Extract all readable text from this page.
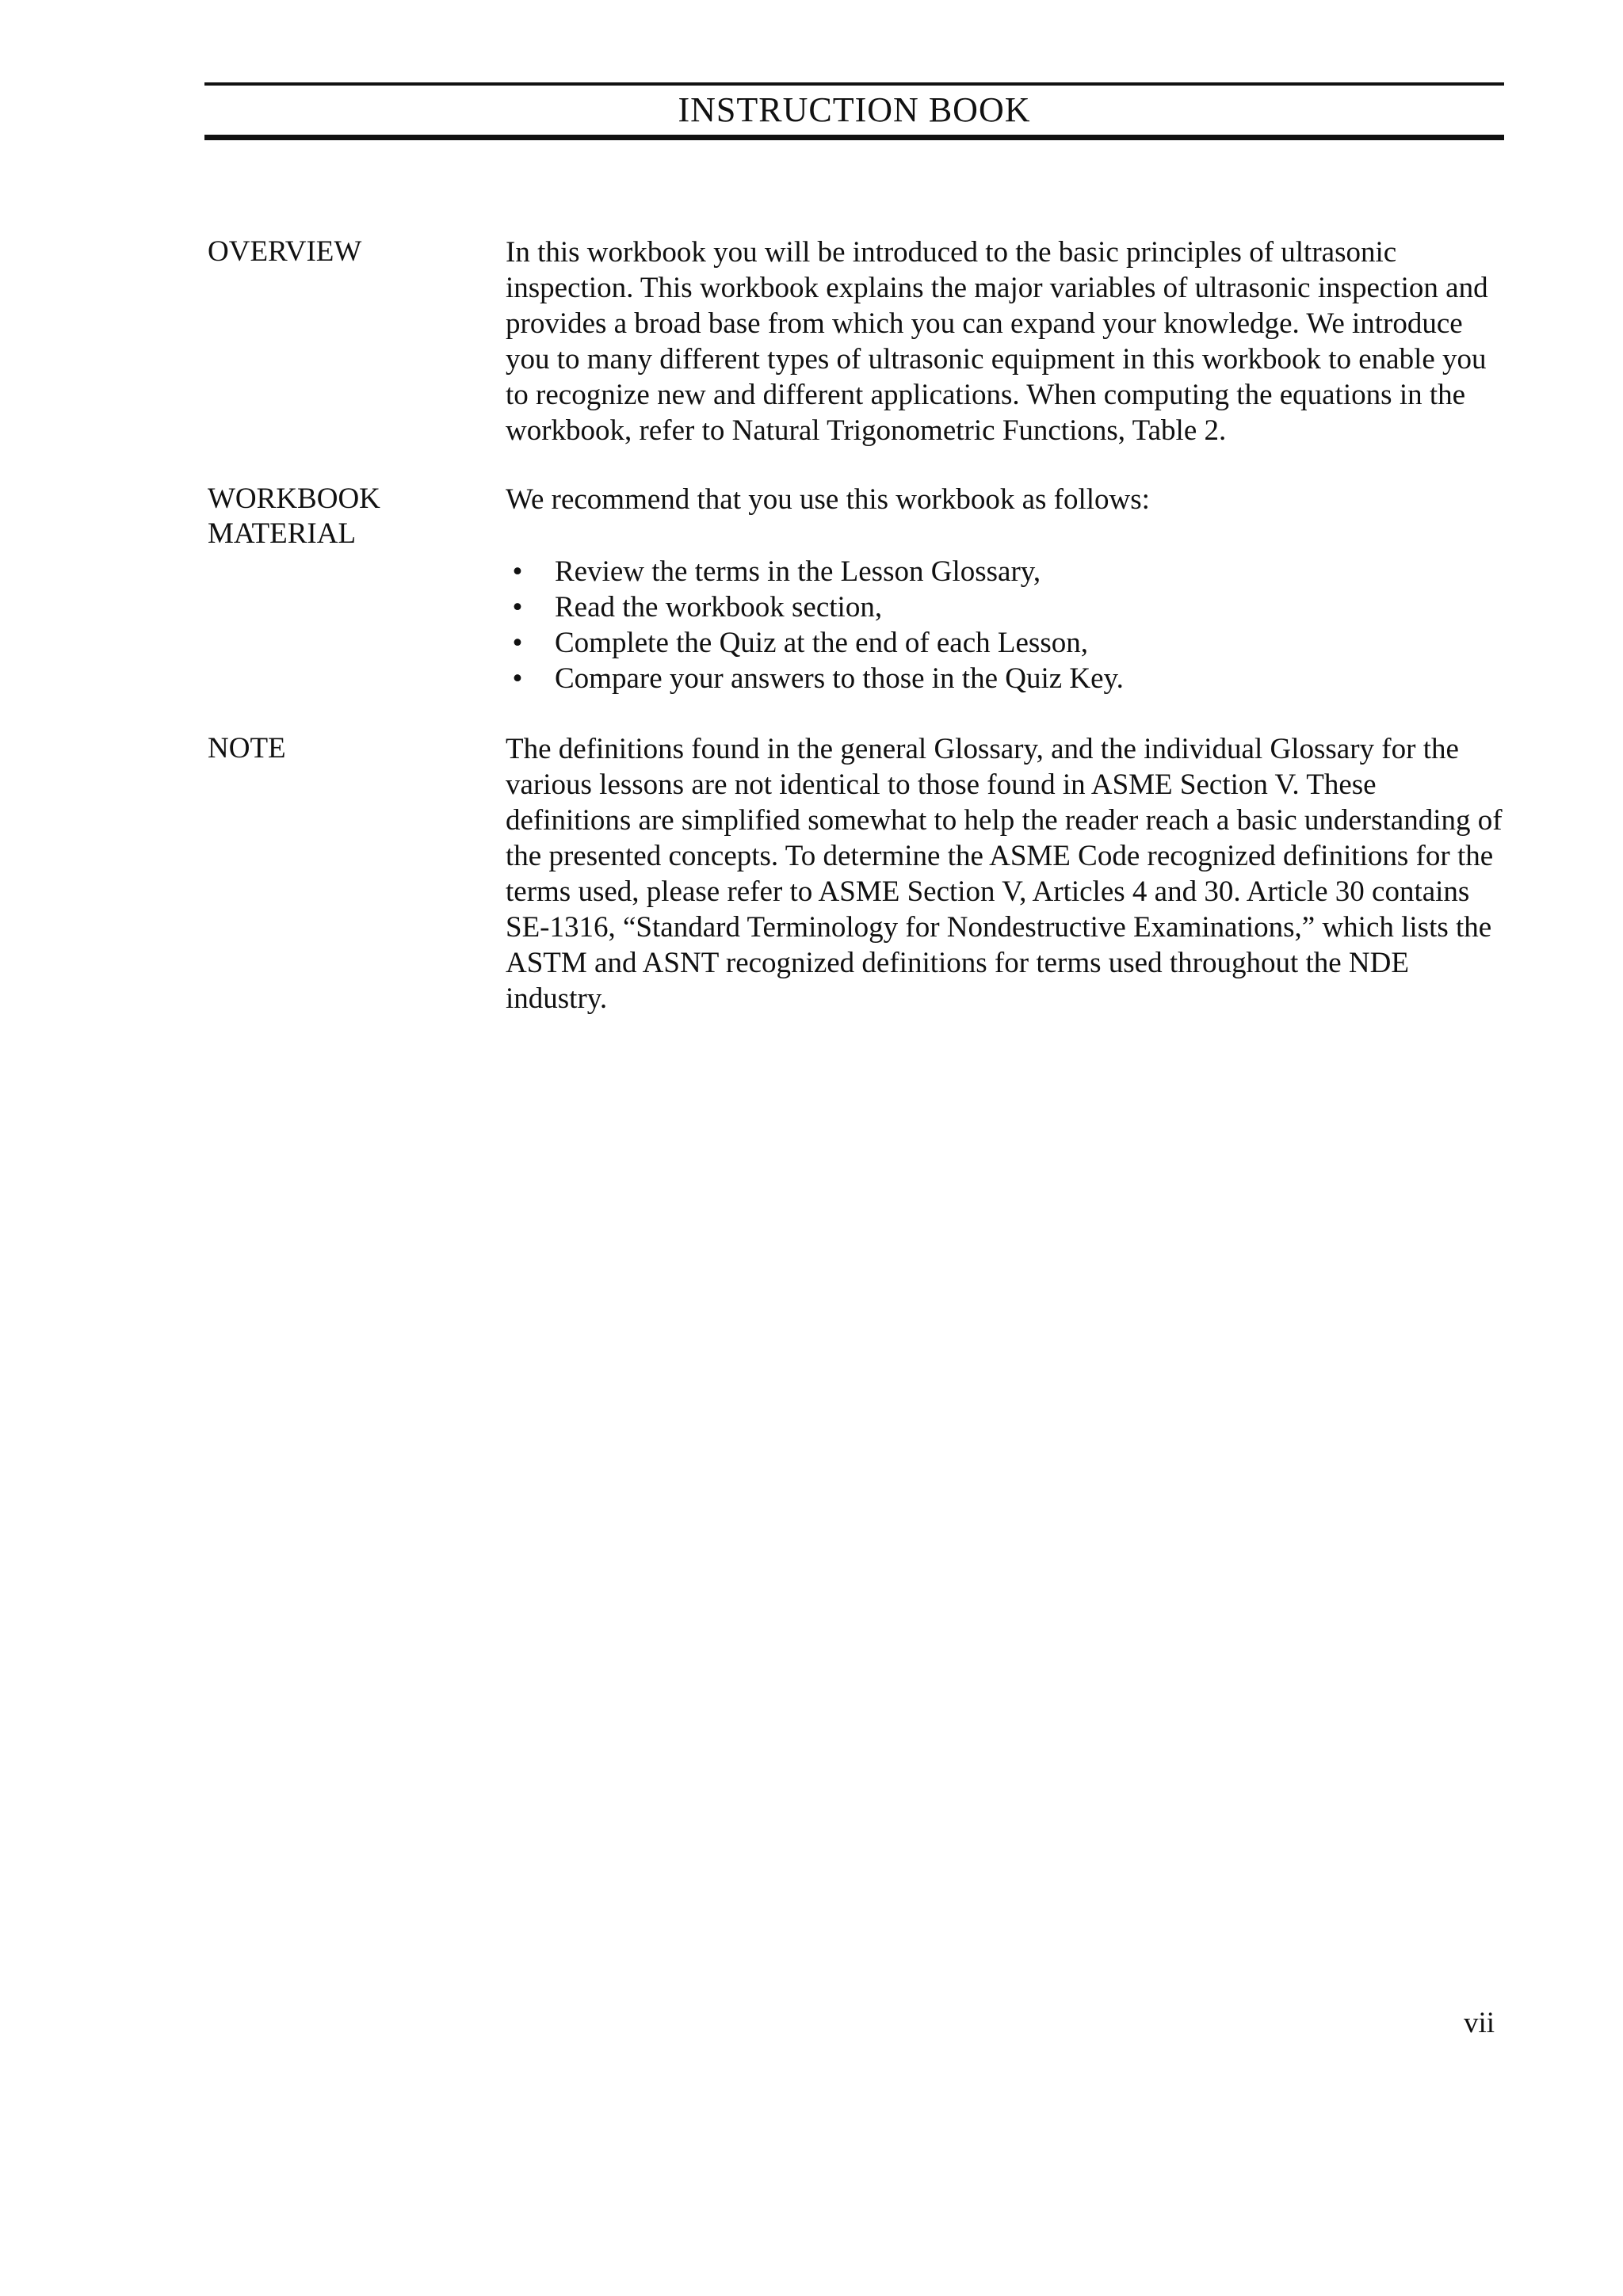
INSTRUCTION BOOK
OVERVIEW	In this workbook you will be introduced to the basic principles of ultrasonic inspection. This workbook explains the major variables of ultrasonic inspection and provides a broad base from which you can expand your knowledge. We introduce you to many different types of ultrasonic equipment in this workbook to enable you to recognize new and different applications. When computing the equations in the workbook, refer to Natural Trigonometric Functions, Table 2.

WORKBOOK
MATERIAL

We recommend that you use this workbook as follows:

• Review the terms in the Lesson Glossary,
• Read the workbook section,
• Complete the Quiz at the end of each Lesson,
• Compare your answers to those in the Quiz Key.
NOTE	The definitions found in the general Glossary, and the individual Glossary for the various lessons are not identical to those found in ASME Section V. These definitions are simplified somewhat to help the reader reach a basic understanding of the presented concepts. To determine the ASME Code recognized definitions for the terms used, please refer to ASME Section V, Articles 4 and 30. Article 30 contains SE-1316, “Standard Terminology for Nondestructive Examinations,” which lists the ASTM and ASNT recognized definitions for terms used throughout the NDE industry.

vii
